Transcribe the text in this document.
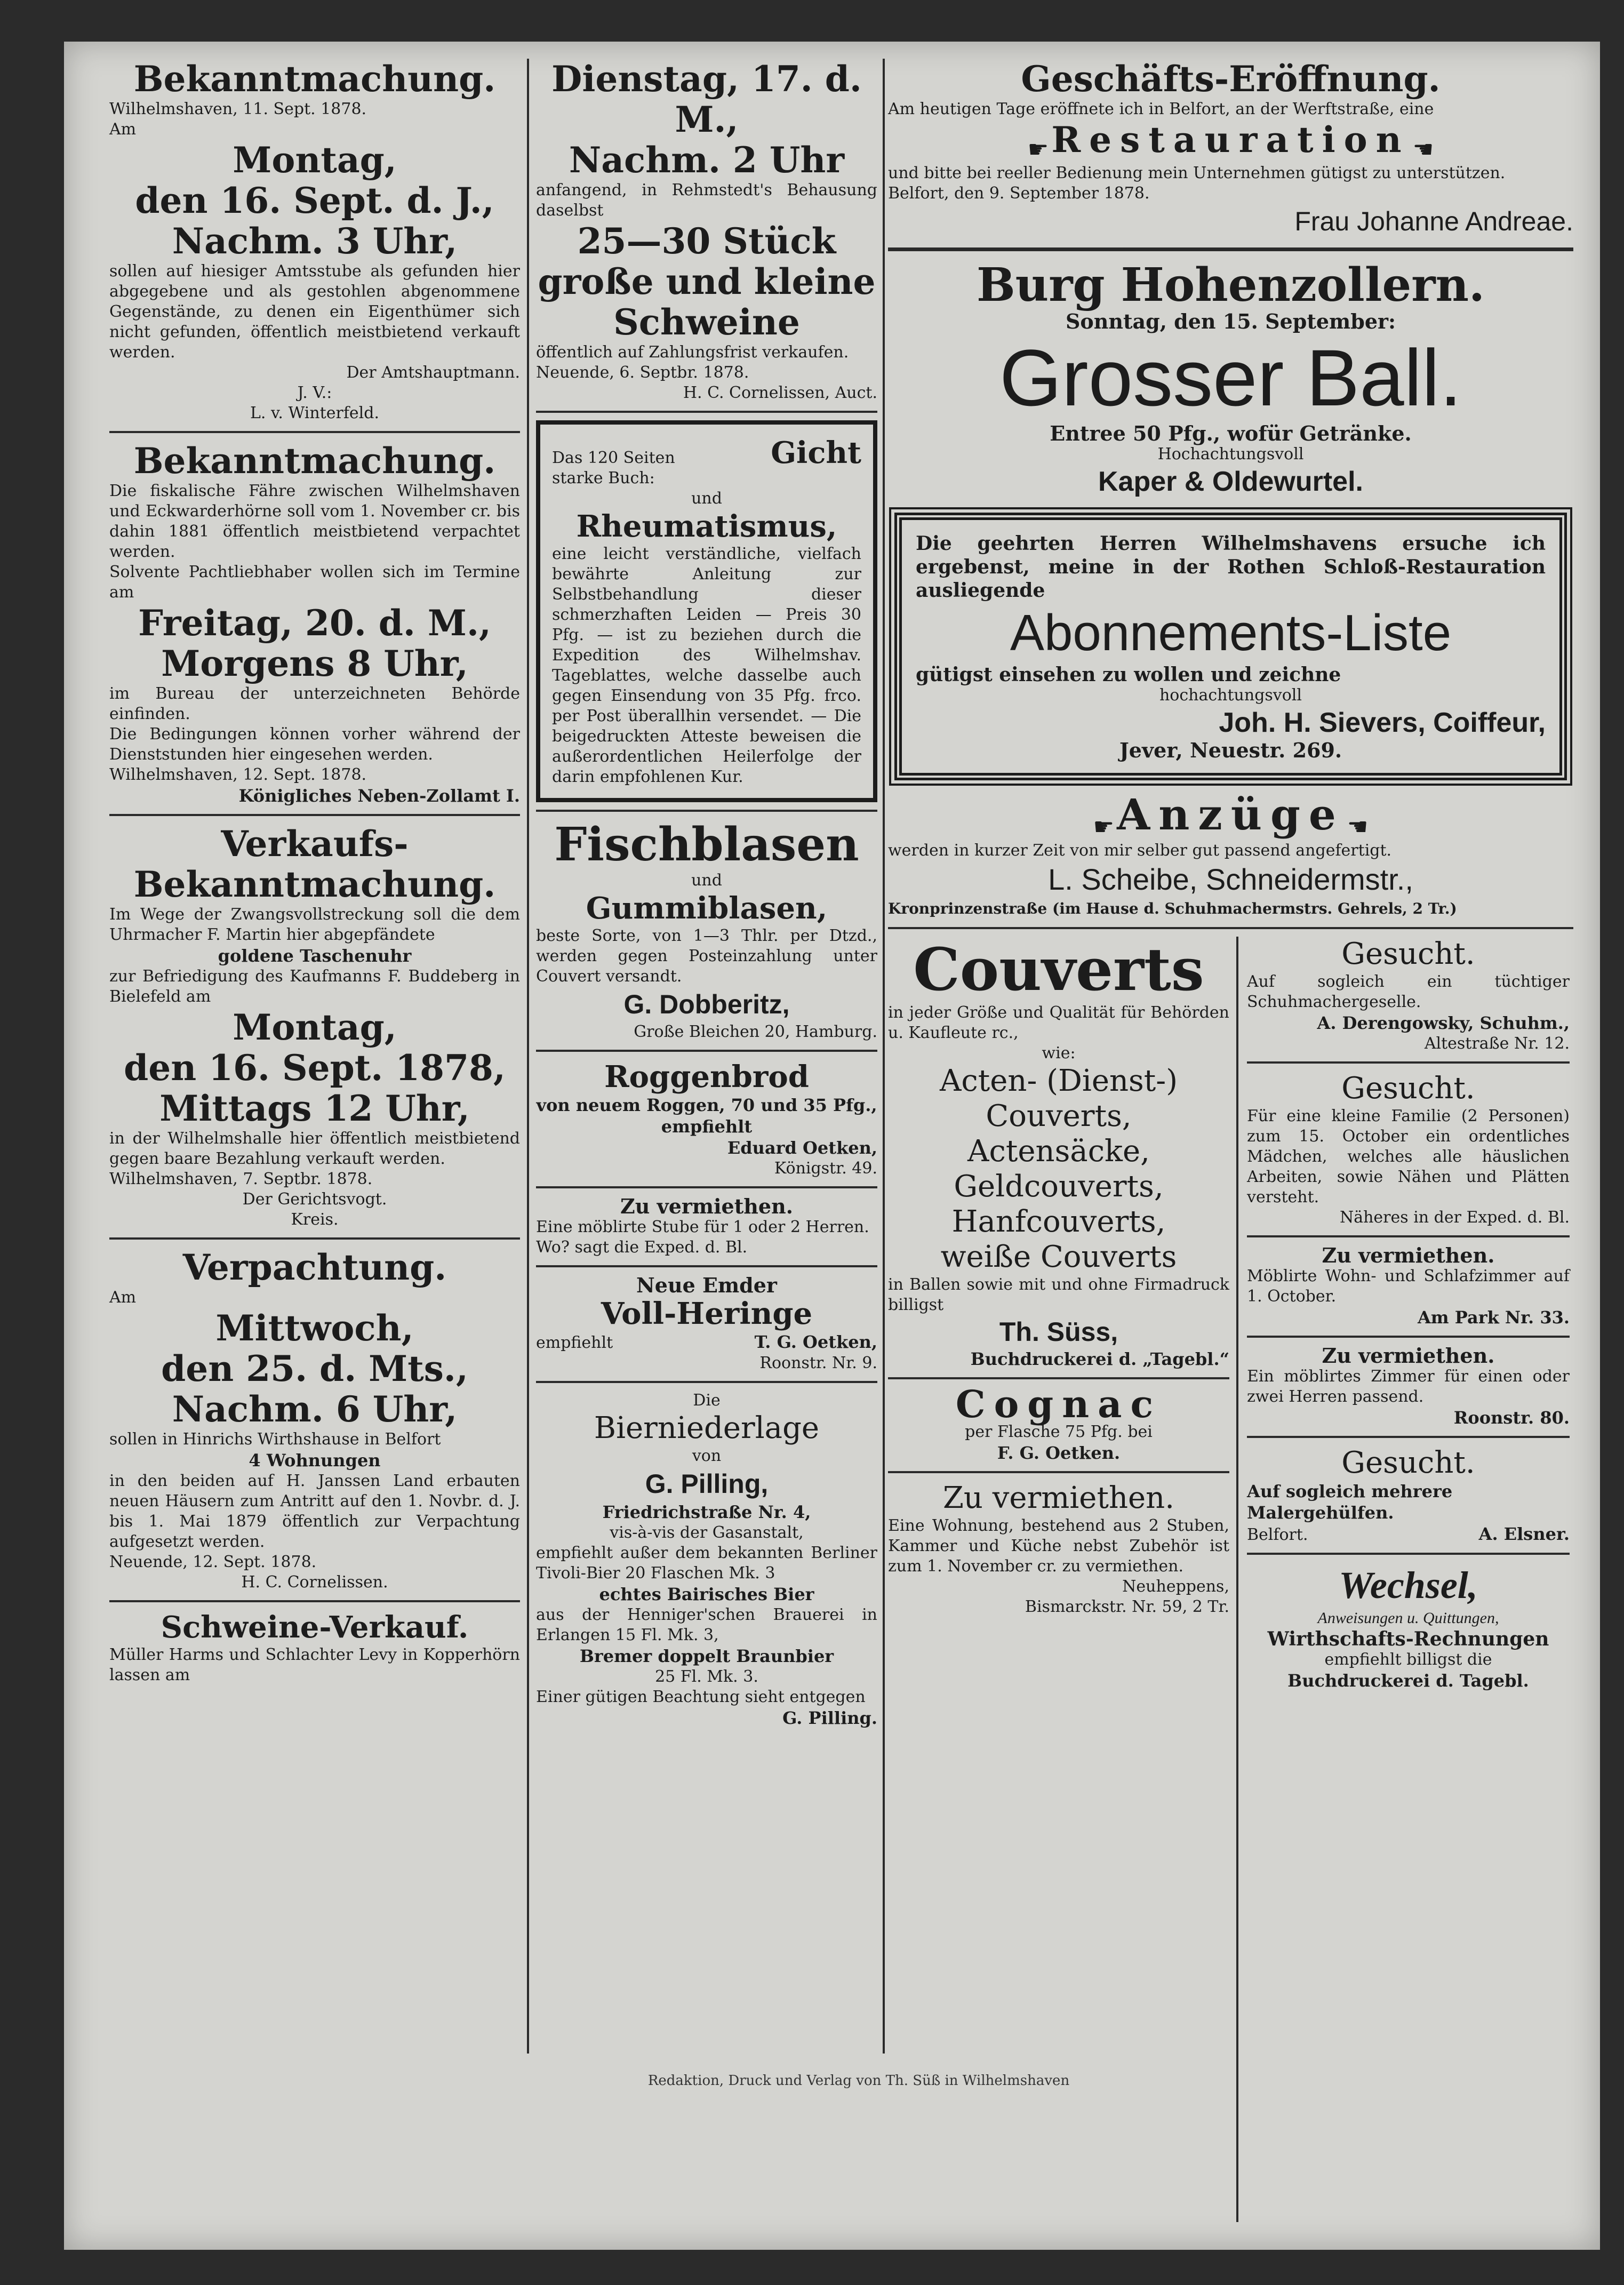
Bekanntmachung.
Wilhelmshaven, 11. Sept. 1878.
Am
Montag,
den 16. Sept. d. J.,
Nachm. 3 Uhr,
sollen auf hiesiger Amtsstube als gefunden hier abgegebene und als gestohlen abgenommene Gegenstände, zu denen ein Eigenthümer sich nicht gefunden, öffentlich meistbietend verkauft werden.
Der Amtshauptmann.
J. V.:
L. v. Winterfeld.
Bekanntmachung.
Die fiskalische Fähre zwischen Wilhelmshaven und Eckwarderhörne soll vom 1. November cr. bis dahin 1881 öffentlich meistbietend verpachtet werden.
Solvente Pachtliebhaber wollen sich im Termine am
Freitag, 20. d. M.,
Morgens 8 Uhr,
im Bureau der unterzeichneten Behörde einfinden.
Die Bedingungen können vorher während der Dienststunden hier eingesehen werden.
Wilhelmshaven, 12. Sept. 1878.
Königliches Neben-Zollamt I.
Verkaufs-
Bekanntmachung.
Im Wege der Zwangsvollstreckung soll die dem Uhrmacher F. Martin hier abgepfändete
goldene Taschenuhr
zur Befriedigung des Kaufmanns F. Buddeberg in Bielefeld am
Montag,
den 16. Sept. 1878,
Mittags 12 Uhr,
in der Wilhelmshalle hier öffentlich meistbietend gegen baare Bezahlung verkauft werden.
Wilhelmshaven, 7. Septbr. 1878.
Der Gerichtsvogt.
Kreis.
Verpachtung.
Am
Mittwoch,
den 25. d. Mts.,
Nachm. 6 Uhr,
sollen in Hinrichs Wirthshause in Belfort
4 Wohnungen
in den beiden auf H. Janssen Land erbauten neuen Häusern zum Antritt auf den 1. Novbr. d. J. bis 1. Mai 1879 öffentlich zur Verpachtung aufgesetzt werden.
Neuende, 12. Sept. 1878.
H. C. Cornelissen.
Schweine-Verkauf.
Müller Harms und Schlachter Levy in Kopperhörn lassen am
Dienstag, 17. d. M.,
Nachm. 2 Uhr
anfangend, in Rehmstedt's Behausung daselbst
25—30 Stück
große und kleine
Schweine
öffentlich auf Zahlungsfrist verkaufen.
Neuende, 6. Septbr. 1878.
H. C. Cornelissen, Auct.
Das 120 Seiten starke Buch:
Gicht
und
Rheumatismus,
eine leicht verständliche, vielfach bewährte Anleitung zur Selbstbehandlung dieser schmerzhaften Leiden — Preis 30 Pfg. — ist zu beziehen durch die Expedition des Wilhelmshav. Tageblattes, welche dasselbe auch gegen Einsendung von 35 Pfg. frco. per Post überallhin versendet. — Die beigedruckten Atteste beweisen die außerordentlichen Heilerfolge der darin empfohlenen Kur.
Fischblasen
und
Gummiblasen,
beste Sorte, von 1—3 Thlr. per Dtzd., werden gegen Posteinzahlung unter Couvert versandt.
G. Dobberitz,
Große Bleichen 20, Hamburg.
Roggenbrod
von neuem Roggen, 70 und 35 Pfg., empfiehlt
Eduard Oetken,
Königstr. 49.
Zu vermiethen.
Eine möblirte Stube für 1 oder 2 Herren.
Wo? sagt die Exped. d. Bl.
Neue Emder
Voll-Heringe
empfiehlt	T. G. Oetken,
Roonstr. Nr. 9.
Die
Bierniederlage
von
G. Pilling,
Friedrichstraße Nr. 4,
vis-à-vis der Gasanstalt,
empfiehlt außer dem bekannten Berliner Tivoli-Bier 20 Flaschen Mk. 3
echtes Bairisches Bier
aus der Henniger'schen Brauerei in Erlangen 15 Fl. Mk. 3,
Bremer doppelt Braunbier
25 Fl. Mk. 3.
Einer gütigen Beachtung sieht entgegen
G. Pilling.
Geschäfts-Eröffnung.
Am heutigen Tage eröffnete ich in Belfort, an der Werftstraße, eine
☛ Restauration ☚
und bitte bei reeller Bedienung mein Unternehmen gütigst zu unterstützen.
Belfort, den 9. September 1878.
Frau Johanne Andreae.
Burg Hohenzollern.
Sonntag, den 15. September:
Grosser Ball.
Entree 50 Pfg., wofür Getränke.
Hochachtungsvoll
Kaper & Oldewurtel.
Die geehrten Herren Wilhelmshavens ersuche ich ergebenst, meine in der Rothen Schloß-Restauration ausliegende
Abonnements-Liste
gütigst einsehen zu wollen und zeichne
hochachtungsvoll
Joh. H. Sievers, Coiffeur,
Jever, Neuestr. 269.
☛ Anzüge ☚
werden in kurzer Zeit von mir selber gut passend angefertigt.
L. Scheibe, Schneidermstr.,
Kronprinzenstraße (im Hause d. Schuhmachermstrs. Gehrels, 2 Tr.)
Couverts
in jeder Größe und Qualität für Behörden u. Kaufleute rc.,
wie:
Acten- (Dienst-)
Couverts,
Actensäcke,
Geldcouverts,
Hanfcouverts,
weiße Couverts
in Ballen sowie mit und ohne Firmadruck billigst
Th. Süss,
Buchdruckerei d. „Tagebl.“
Cognac
per Flasche 75 Pfg. bei
F. G. Oetken.
Zu vermiethen.
Eine Wohnung, bestehend aus 2 Stuben, Kammer und Küche nebst Zubehör ist zum 1. November cr. zu vermiethen.
Neuheppens,
Bismarckstr. Nr. 59, 2 Tr.
Gesucht.
Auf sogleich ein tüchtiger Schuhmachergeselle.
A. Derengowsky, Schuhm.,
Altestraße Nr. 12.
Gesucht.
Für eine kleine Familie (2 Personen) zum 15. October ein ordentliches Mädchen, welches alle häuslichen Arbeiten, sowie Nähen und Plätten versteht.
Näheres in der Exped. d. Bl.
Zu vermiethen.
Möblirte Wohn- und Schlafzimmer auf 1. October.
Am Park Nr. 33.
Zu vermiethen.
Ein möblirtes Zimmer für einen oder zwei Herren passend.
Roonstr. 80.
Gesucht.
Auf sogleich mehrere Malergehülfen.
Belfort.	A. Elsner.
Wechsel,
Anweisungen u. Quittungen,
Wirthschafts-Rechnungen
empfiehlt billigst die
Buchdruckerei d. Tagebl.
Redaktion, Druck und Verlag von Th. Süß in Wilhelmshaven
